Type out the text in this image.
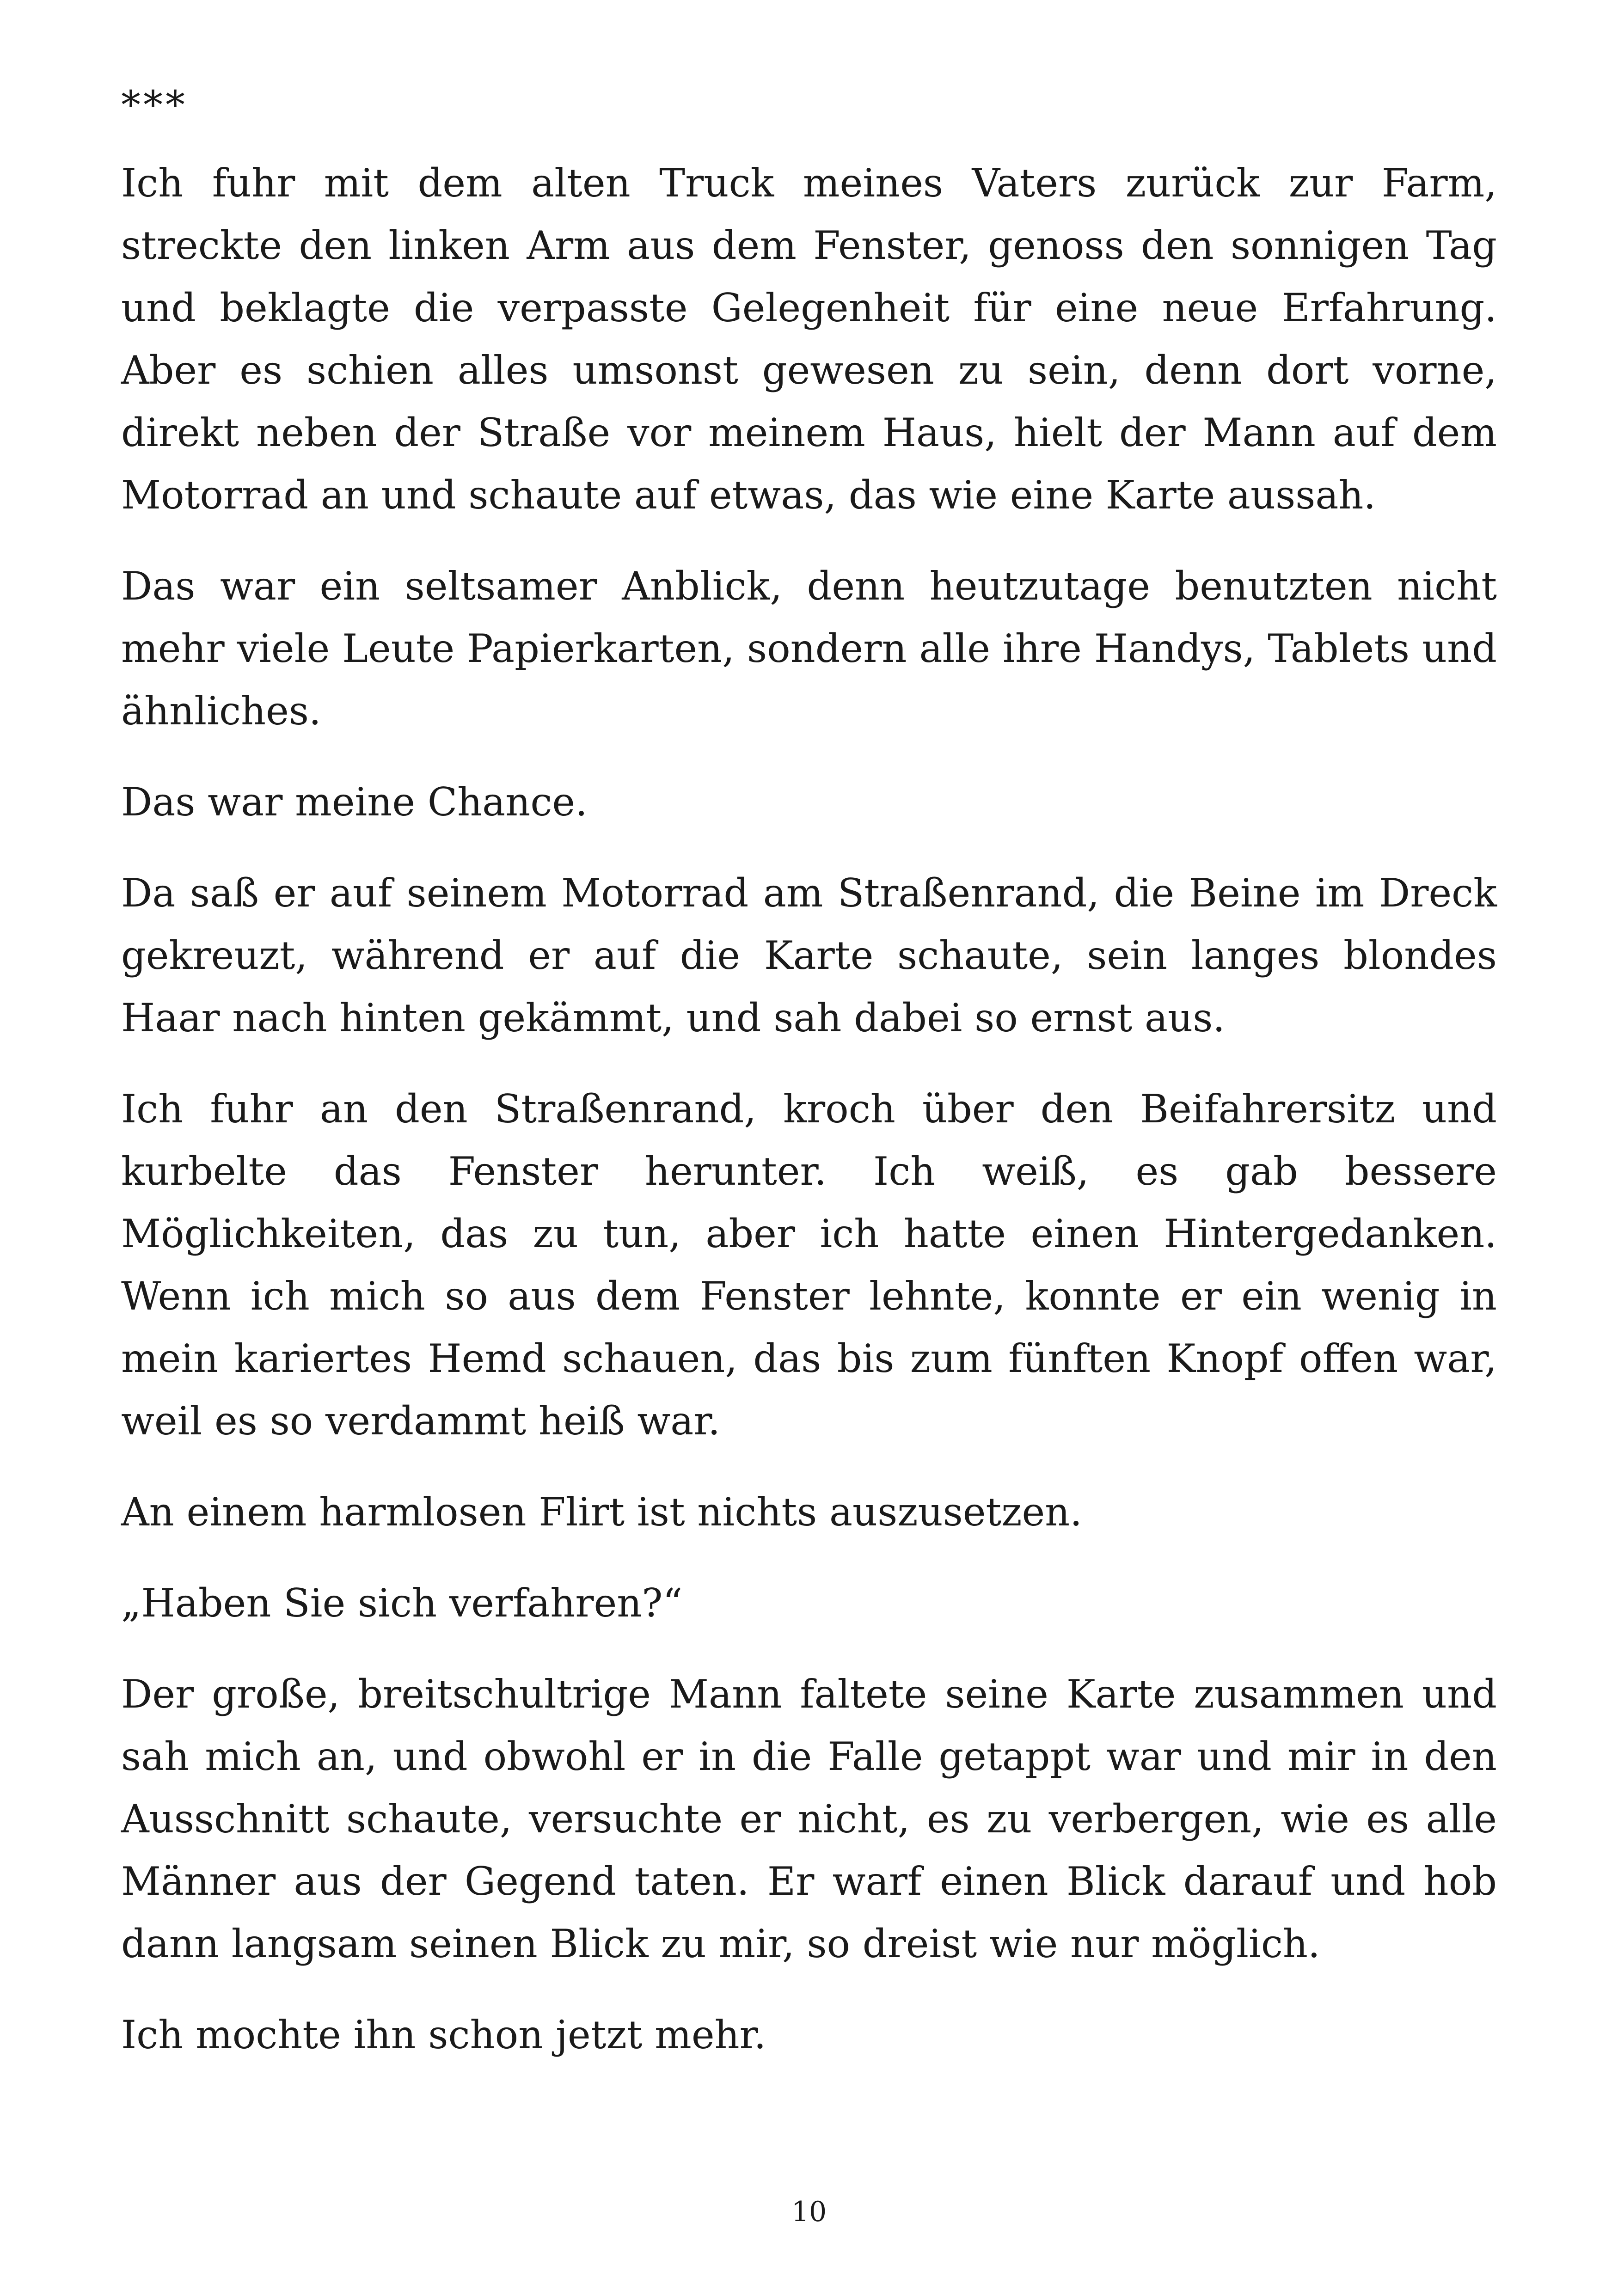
***

Ich fuhr mit dem alten Truck meines Vaters zurück zur Farm, streckte den linken Arm aus dem Fenster, genoss den sonnigen Tag und beklagte die verpasste Gelegenheit für eine neue Erfahrung. Aber es schien alles umsonst gewesen zu sein, denn dort vorne, direkt neben der Straße vor meinem Haus, hielt der Mann auf dem Motorrad an und schaute auf etwas, das wie eine Karte aussah.

Das war ein seltsamer Anblick, denn heutzutage benutzten nicht mehr viele Leute Papierkarten, sondern alle ihre Handys, Tablets und ähnliches.

Das war meine Chance.

Da saß er auf seinem Motorrad am Straßenrand, die Beine im Dreck gekreuzt, während er auf die Karte schaute, sein langes blondes Haar nach hinten gekämmt, und sah dabei so ernst aus.

Ich fuhr an den Straßenrand, kroch über den Beifahrersitz und kurbelte das Fenster herunter. Ich weiß, es gab bessere Möglichkeiten, das zu tun, aber ich hatte einen Hintergedanken. Wenn ich mich so aus dem Fenster lehnte, konnte er ein wenig in mein kariertes Hemd schauen, das bis zum fünften Knopf offen war, weil es so verdammt heiß war.

An einem harmlosen Flirt ist nichts auszusetzen.

„Haben Sie sich verfahren?“

Der große, breitschultrige Mann faltete seine Karte zusammen und sah mich an, und obwohl er in die Falle getappt war und mir in den Ausschnitt schaute, versuchte er nicht, es zu verbergen, wie es alle Männer aus der Gegend taten. Er warf einen Blick darauf und hob dann langsam seinen Blick zu mir, so dreist wie nur möglich.

Ich mochte ihn schon jetzt mehr.

10
